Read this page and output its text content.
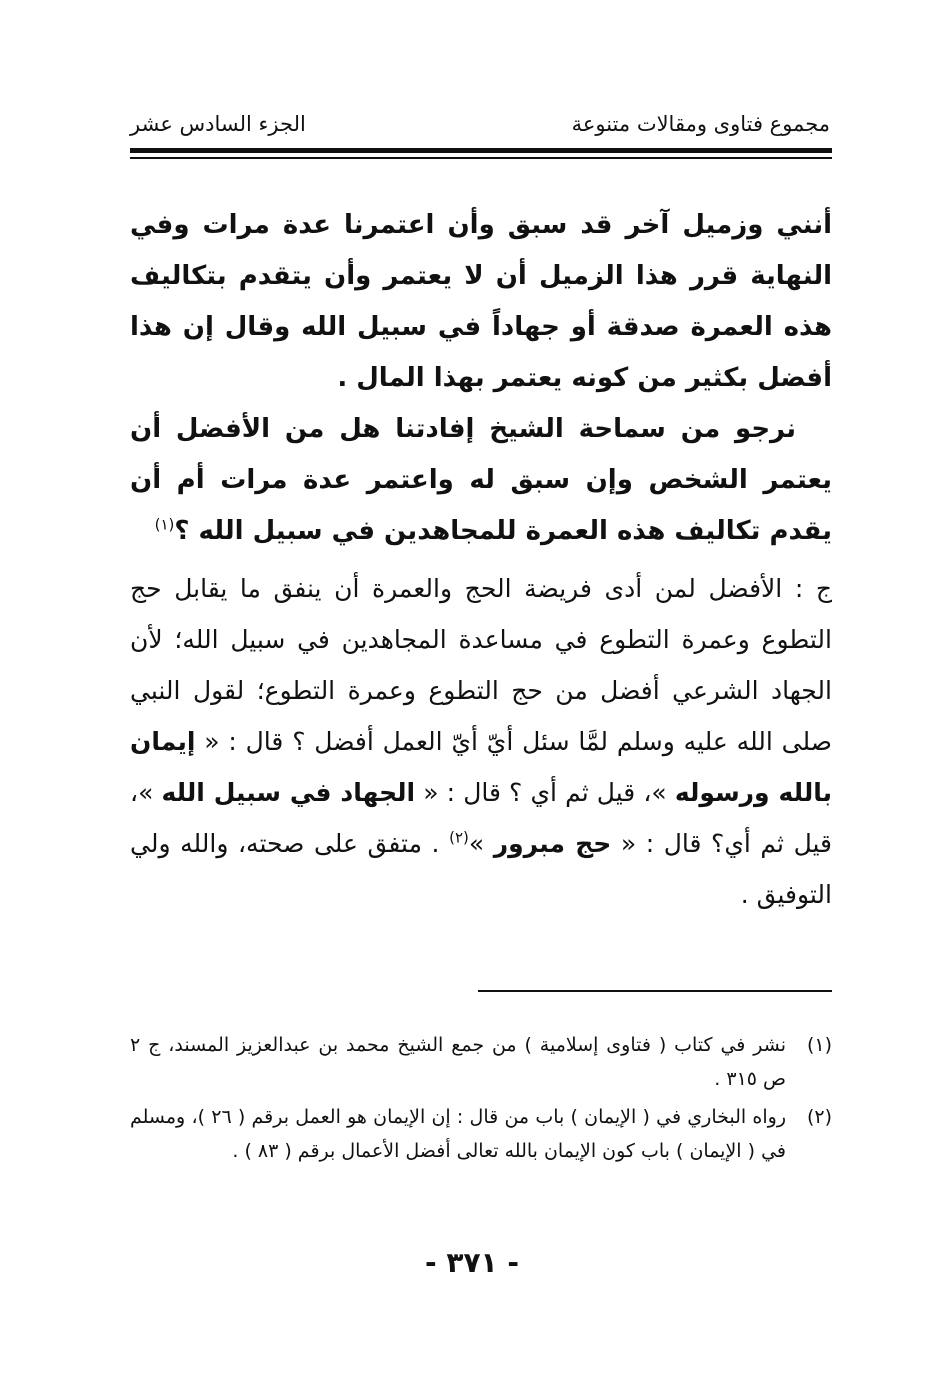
مجموع فتاوى ومقالات متنوعة
الجزء السادس عشر

أنني وزميل آخر قد سبق وأن اعتمرنا عدة مرات وفي النهاية قرر هذا الزميل أن لا يعتمر وأن يتقدم بتكاليف هذه العمرة صدقة أو جهاداً في سبيل الله وقال إن هذا أفضل بكثير من كونه يعتمر بهذا المال .

نرجو من سماحة الشيخ إفادتنا هل من الأفضل أن يعتمر الشخص وإن سبق له واعتمر عدة مرات أم أن يقدم تكاليف هذه العمرة للمجاهدين في سبيل الله ؟$^{(١)}$

ج : الأفضل لمن أدى فريضة الحج والعمرة أن ينفق ما يقابل حج التطوع وعمرة التطوع في مساعدة المجاهدين في سبيل الله؛ لأن الجهاد الشرعي أفضل من حج التطوع وعمرة التطوع؛ لقول النبي صلى الله عليه وسلم لمَّا سئل أيّ أيّ العمل أفضل ؟ قال : « إيمان بالله ورسوله »، قيل ثم أي ؟ قال : « الجهاد في سبيل الله »، قيل ثم أي؟ قال : « حج مبرور »$^{(٢)}$ . متفق على صحته، والله ولي التوفيق .

(١)
نشر في كتاب ( فتاوى إسلامية ) من جمع الشيخ محمد بن عبدالعزيز المسند، ج ٢ ص ٣١٥ .
(٢)
رواه البخاري في ( الإيمان ) باب من قال : إن الإيمان هو العمل برقم ( ٢٦ )، ومسلم في ( الإيمان ) باب كون الإيمان بالله تعالى أفضل الأعمال برقم ( ٨٣ ) .
- ٣٧١ -
